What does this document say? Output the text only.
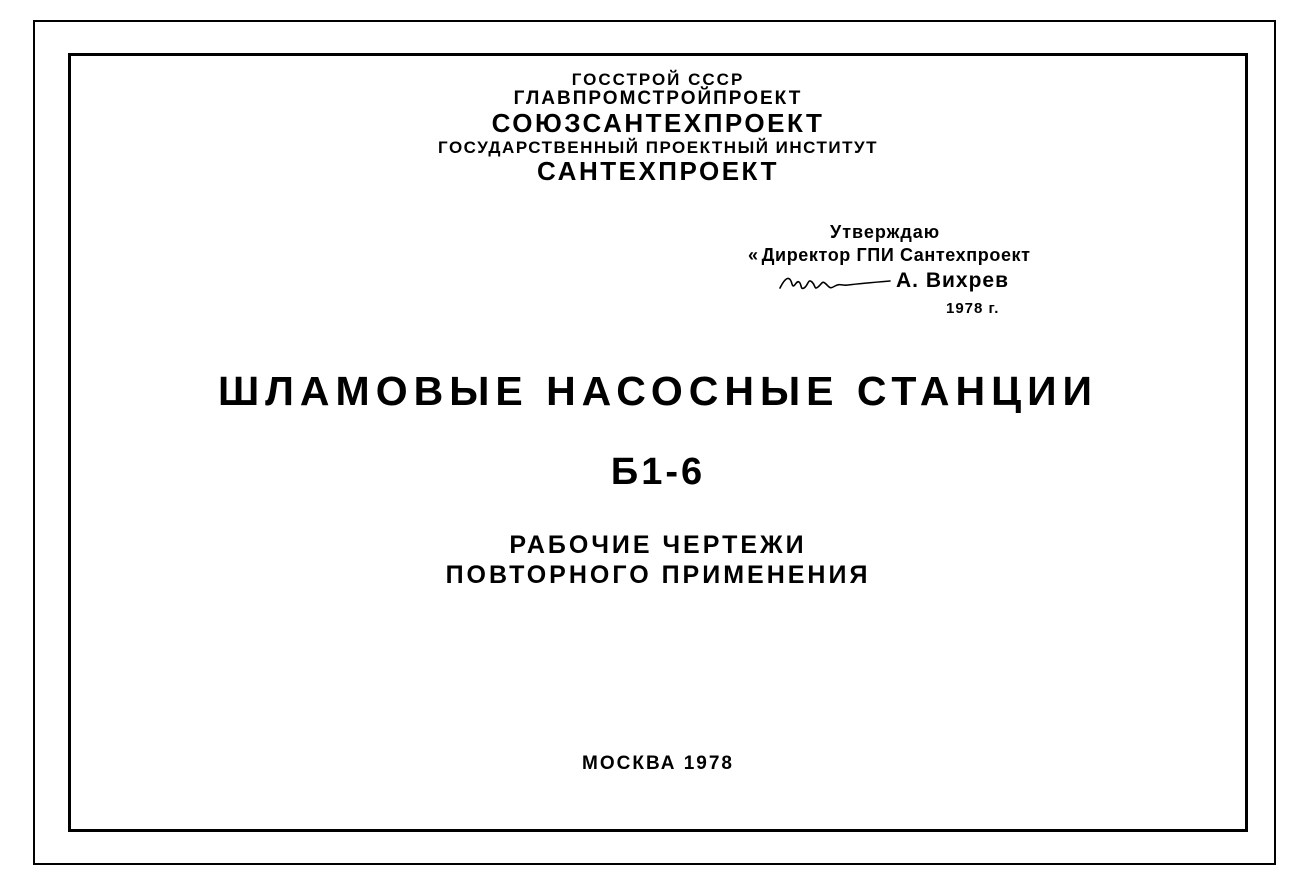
ГОССТРОЙ СССР
ГЛАВПРОМСТРОЙПРОЕКТ
СОЮЗСАНТЕХПРОЕКТ
ГОСУДАРСТВЕННЫЙ ПРОЕКТНЫЙ ИНСТИТУТ
САНТЕХПРОЕКТ
Утверждаю
« Директор ГПИ Сантехпроект
А. Вихрев
1978 г.
ШЛАМОВЫЕ НАСОСНЫЕ СТАНЦИИ
Б1-6
РАБОЧИЕ ЧЕРТЕЖИ
ПОВТОРНОГО ПРИМЕНЕНИЯ
МОСКВА 1978
